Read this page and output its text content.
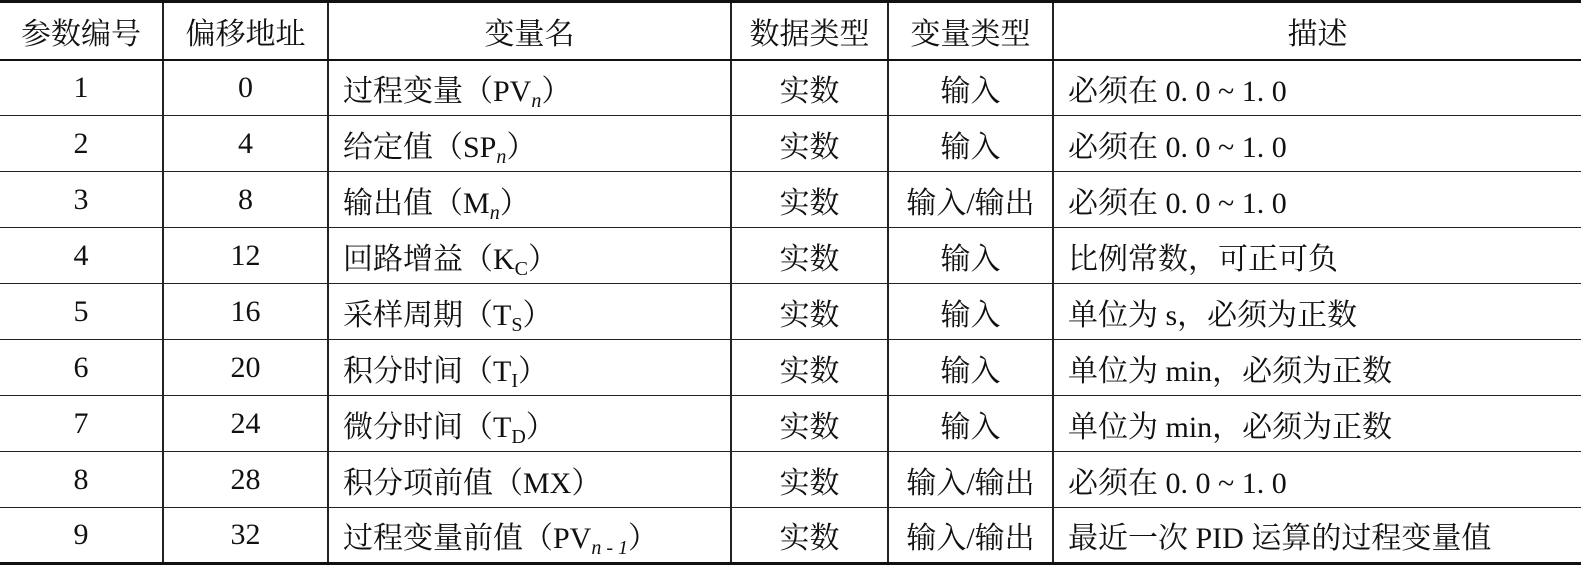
参数编号	偏移地址	变量名	数据类型	变量类型	描述
1	0	过程变量$(PV_n)$	实数	输入	必须在 0. 0 ~ 1. 0
2	4	给定值$(SP_n)$	实数	输入	必须在 0. 0 ~ 1. 0
3	8	输出值$(M_n)$	实数	输入/输出	必须在 0. 0 ~ 1. 0
4	12	回路增益$(K_C)$	实数	输入	比例常数，可正可负
5	16	采样周期$(T_S)$	实数	输入	单位为 s，必须为正数
6	20	积分时间$(T_I)$	实数	输入	单位为 min，必须为正数
7	24	微分时间$(T_D)$	实数	输入	单位为 min，必须为正数
8	28	积分项前值（MX）	实数	输入/输出	必须在 0. 0 ~ 1. 0
9	32	过程变量前值$(PV_{n - 1})$	实数	输入/输出	最近一次 PID 运算的过程变量值
